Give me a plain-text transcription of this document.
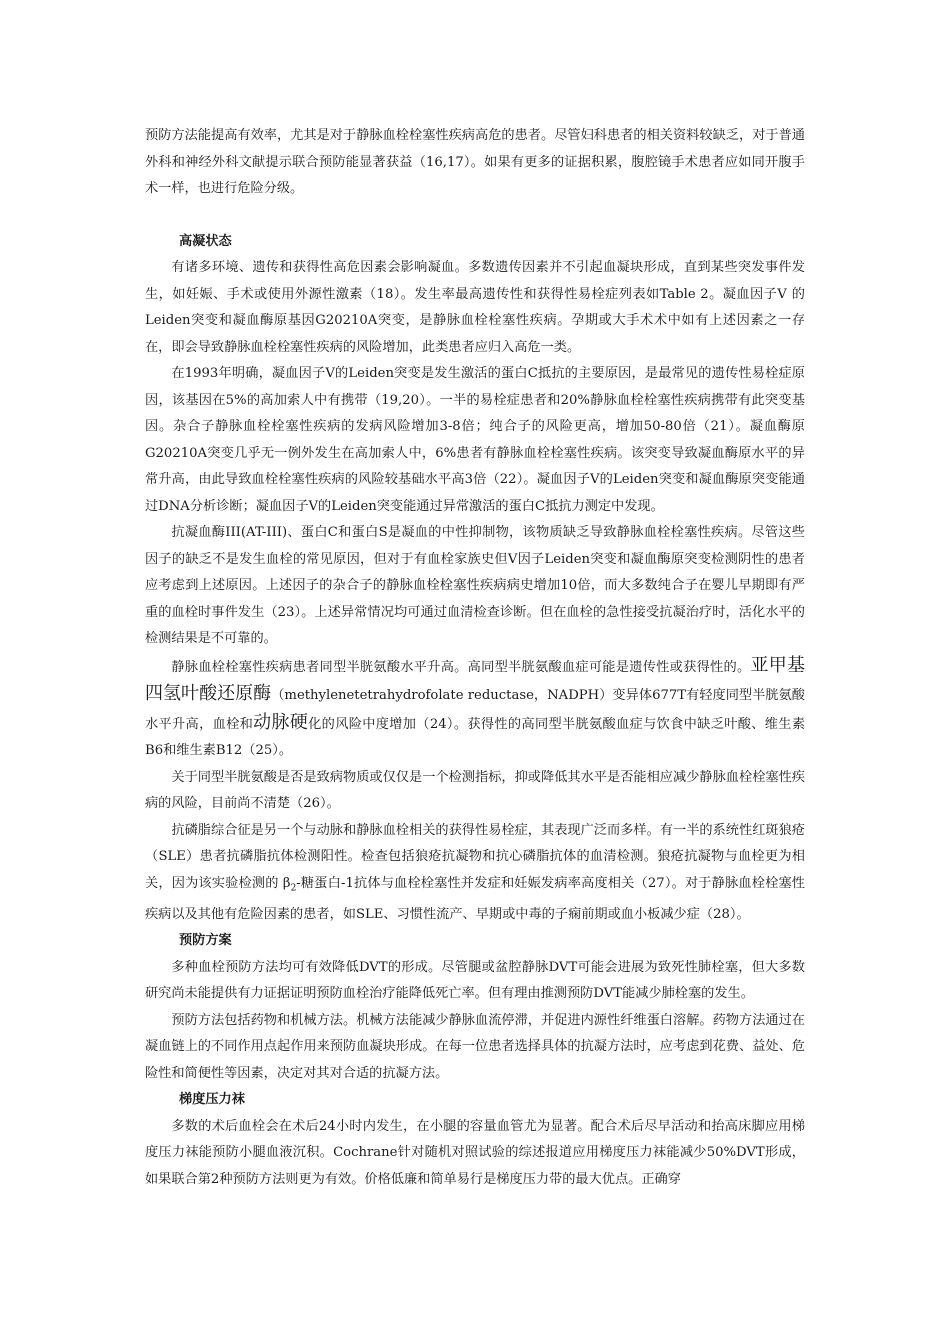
预防方法能提高有效率，尤其是对于静脉血栓栓塞性疾病高危的患者。尽管妇科患者的相关资料较缺乏，对于普通外科和神经外科文献提示联合预防能显著获益（16,17）。如果有更多的证据积累，腹腔镜手术患者应如同开腹手术一样，也进行危险分级。

高凝状态

有诸多环境、遗传和获得性高危因素会影响凝血。多数遗传因素并不引起血凝块形成，直到某些突发事件发生，如妊娠、手术或使用外源性激素（18）。发生率最高遗传性和获得性易栓症列表如Table 2。凝血因子Ⅴ 的Leiden突变和凝血酶原基因G20210A突变，是静脉血栓栓塞性疾病。孕期或大手术术中如有上述因素之一存在，即会导致静脉血栓栓塞性疾病的风险增加，此类患者应归入高危一类。

在1993年明确，凝血因子Ⅴ的Leiden突变是发生激活的蛋白C抵抗的主要原因，是最常见的遗传性易栓症原因，该基因在5%的高加索人中有携带（19,20）。一半的易栓症患者和20%静脉血栓栓塞性疾病携带有此突变基因。杂合子静脉血栓栓塞性疾病的发病风险增加3-8倍；纯合子的风险更高，增加50-80倍（21）。凝血酶原G20210A突变几乎无一例外发生在高加索人中，6%患者有静脉血栓栓塞性疾病。该突变导致凝血酶原水平的异常升高，由此导致血栓栓塞性疾病的风险较基础水平高3倍（22）。凝血因子Ⅴ的Leiden突变和凝血酶原突变能通过DNA分析诊断；凝血因子Ⅴ的Leiden突变能通过异常激活的蛋白C抵抗力测定中发现。

抗凝血酶III(AT-III)、蛋白C和蛋白S是凝血的中性抑制物，该物质缺乏导致静脉血栓栓塞性疾病。尽管这些因子的缺乏不是发生血栓的常见原因，但对于有血栓家族史但Ⅴ因子Leiden突变和凝血酶原突变检测阴性的患者应考虑到上述原因。上述因子的杂合子的静脉血栓栓塞性疾病病史增加10倍，而大多数纯合子在婴儿早期即有严重的血栓时事件发生（23）。上述异常情况均可通过血清检查诊断。但在血栓的急性接受抗凝治疗时，活化水平的检测结果是不可靠的。

静脉血栓栓塞性疾病患者同型半胱氨酸水平升高。高同型半胱氨酸血症可能是遗传性或获得性的。亚甲基四氢叶酸还原酶（methylenetetrahydrofolate reductase，NADPH）变异体677T有轻度同型半胱氨酸水平升高，血栓和动脉硬化的风险中度增加（24）。获得性的高同型半胱氨酸血症与饮食中缺乏叶酸、维生素B6和维生素B12（25）。

关于同型半胱氨酸是否是致病物质或仅仅是一个检测指标，抑或降低其水平是否能相应减少静脉血栓栓塞性疾病的风险，目前尚不清楚（26）。

抗磷脂综合征是另一个与动脉和静脉血栓相关的获得性易栓症，其表现广泛而多样。有一半的系统性红斑狼疮（SLE）患者抗磷脂抗体检测阳性。检查包括狼疮抗凝物和抗心磷脂抗体的血清检测。狼疮抗凝物与血栓更为相关，因为该实验检测的 $\beta_2-$糖蛋白-1抗体与血栓栓塞性并发症和妊娠发病率高度相关（27）。对于静脉血栓栓塞性疾病以及其他有危险因素的患者，如SLE、习惯性流产、早期或中毒的子痫前期或血小板减少症（28）。

预防方案

多种血栓预防方法均可有效降低DVT的形成。尽管腿或盆腔静脉DVT可能会进展为致死性肺栓塞，但大多数研究尚未能提供有力证据证明预防血栓治疗能降低死亡率。但有理由推测预防DVT能减少肺栓塞的发生。

预防方法包括药物和机械方法。机械方法能减少静脉血流停滞，并促进内源性纤维蛋白溶解。药物方法通过在凝血链上的不同作用点起作用来预防血凝块形成。在每一位患者选择具体的抗凝方法时，应考虑到花费、益处、危险性和简便性等因素，决定对其对合适的抗凝方法。

梯度压力袜

多数的术后血栓会在术后24小时内发生，在小腿的容量血管尤为显著。配合术后尽早活动和抬高床脚应用梯度压力袜能预防小腿血液沉积。Cochrane针对随机对照试验的综述报道应用梯度压力袜能减少50%DVT形成，如果联合第2种预防方法则更为有效。价格低廉和简单易行是梯度压力带的最大优点。正确穿
